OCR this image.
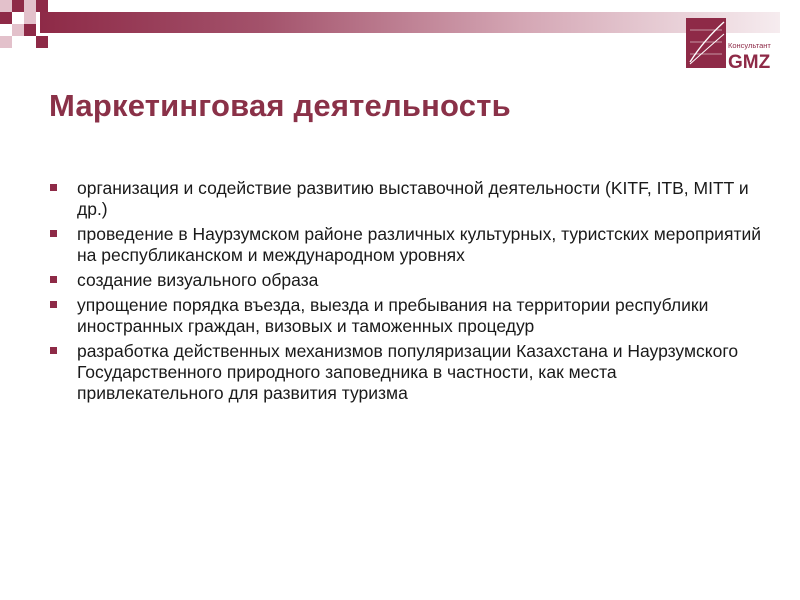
Консультант
GMZ
Маркетинговая деятельность
организация и содействие развитию выставочной деятельности (KITF, ITB, MITT и др.)
проведение в Наурзумском районе различных культурных, туристских мероприятий на республиканском и международном уровнях
создание визуального образа
упрощение порядка въезда, выезда и пребывания на территории республики иностранных граждан, визовых и таможенных процедур
разработка действенных механизмов популяризации Казахстана и Наурзумского Государственного природного заповедника в частности, как места привлекательного для развития туризма
